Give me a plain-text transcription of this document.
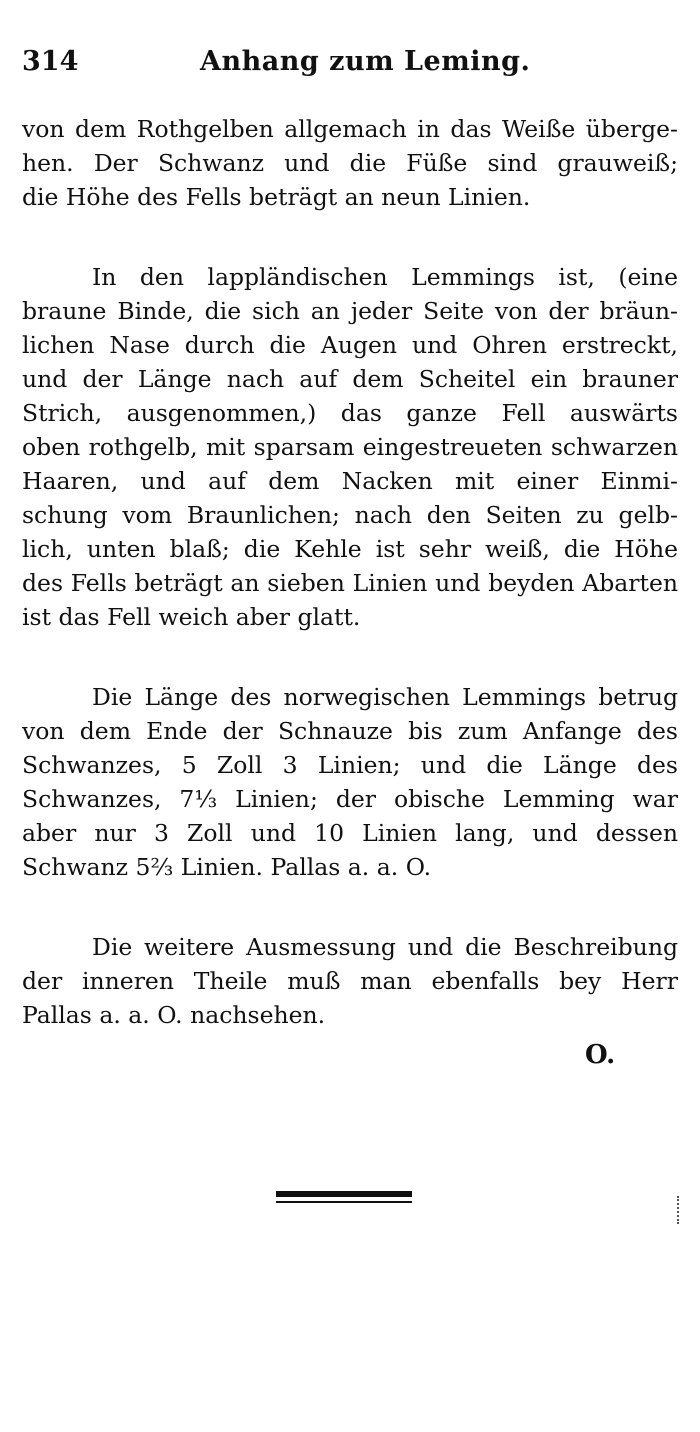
314	Anhang zum Leming.
von dem Rothgelben allgemach in das Weiße überge-
hen. Der Schwanz und die Füße sind grauweiß;
die Höhe des Fells beträgt an neun Linien.
In den lappländischen Lemmings ist, (eine
braune Binde, die sich an jeder Seite von der bräun-
lichen Nase durch die Augen und Ohren erstreckt,
und der Länge nach auf dem Scheitel ein brauner
Strich, ausgenommen,) das ganze Fell auswärts
oben rothgelb, mit sparsam eingestreueten schwarzen
Haaren, und auf dem Nacken mit einer Einmi-
schung vom Braunlichen; nach den Seiten zu gelb-
lich, unten blaß; die Kehle ist sehr weiß, die Höhe
des Fells beträgt an sieben Linien und beyden Abarten
ist das Fell weich aber glatt.
Die Länge des norwegischen Lemmings betrug
von dem Ende der Schnauze bis zum Anfange des
Schwanzes, 5 Zoll 3 Linien; und die Länge des
Schwanzes, 7⅓ Linien; der obische Lemming war
aber nur 3 Zoll und 10 Linien lang, und dessen
Schwanz 5⅔ Linien. Pallas a. a. O.
Die weitere Ausmessung und die Beschreibung
der inneren Theile muß man ebenfalls bey Herr
Pallas a. a. O. nachsehen.
O.
